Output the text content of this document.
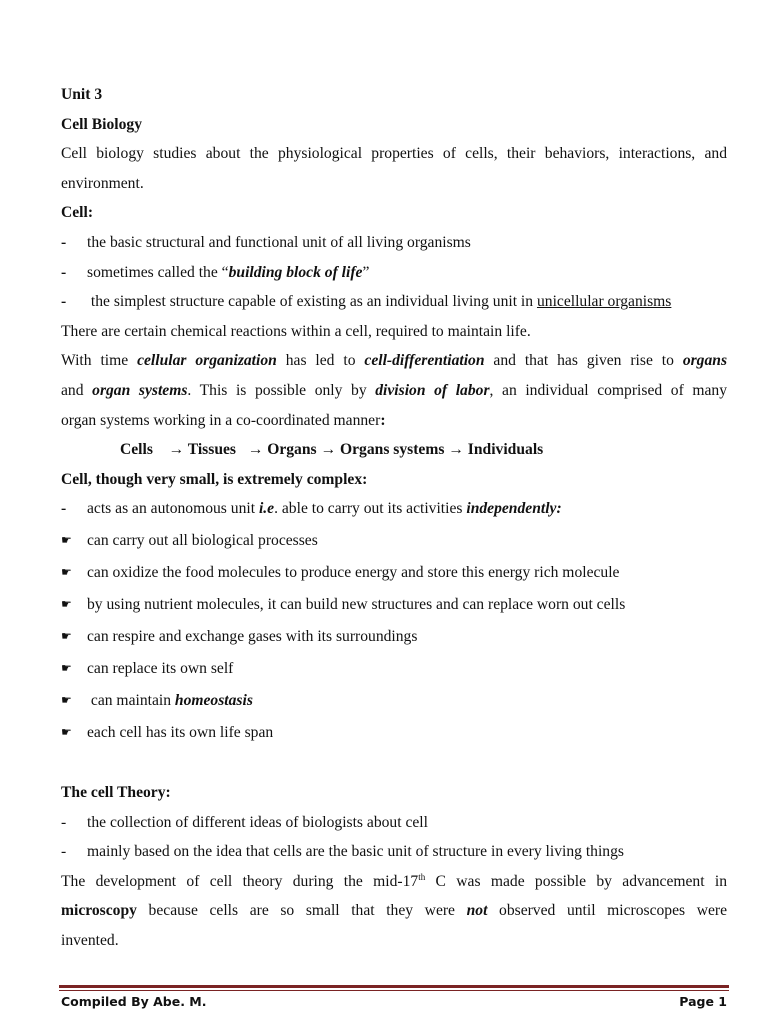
Unit 3
Cell Biology
Cell biology studies about the physiological properties of cells, their behaviors, interactions, and
environment.
Cell:
- the basic structural and functional unit of all living organisms
- sometimes called the “building block of life”
- the simplest structure capable of existing as an individual living unit in unicellular organisms
There are certain chemical reactions within a cell, required to maintain life.
With time cellular organization has led to cell-differentiation and that has given rise to organs
and organ systems. This is possible only by division of labor, an individual comprised of many
organ systems working in a co-coordinated manner:
Cells → Tissues → Organs → Organs systems → Individuals
Cell, though very small, is extremely complex:
- acts as an autonomous unit i.e. able to carry out its activities independently:
☛ can carry out all biological processes
☛ can oxidize the food molecules to produce energy and store this energy rich molecule
☛ by using nutrient molecules, it can build new structures and can replace worn out cells
☛ can respire and exchange gases with its surroundings
☛ can replace its own self
☛ can maintain homeostasis
☛ each cell has its own life span
The cell Theory:
- the collection of different ideas of biologists about cell
- mainly based on the idea that cells are the basic unit of structure in every living things
The development of cell theory during the mid-17th C was made possible by advancement in
microscopy because cells are so small that they were not observed until microscopes were
invented.
Compiled By Abe. M.	Page 1
